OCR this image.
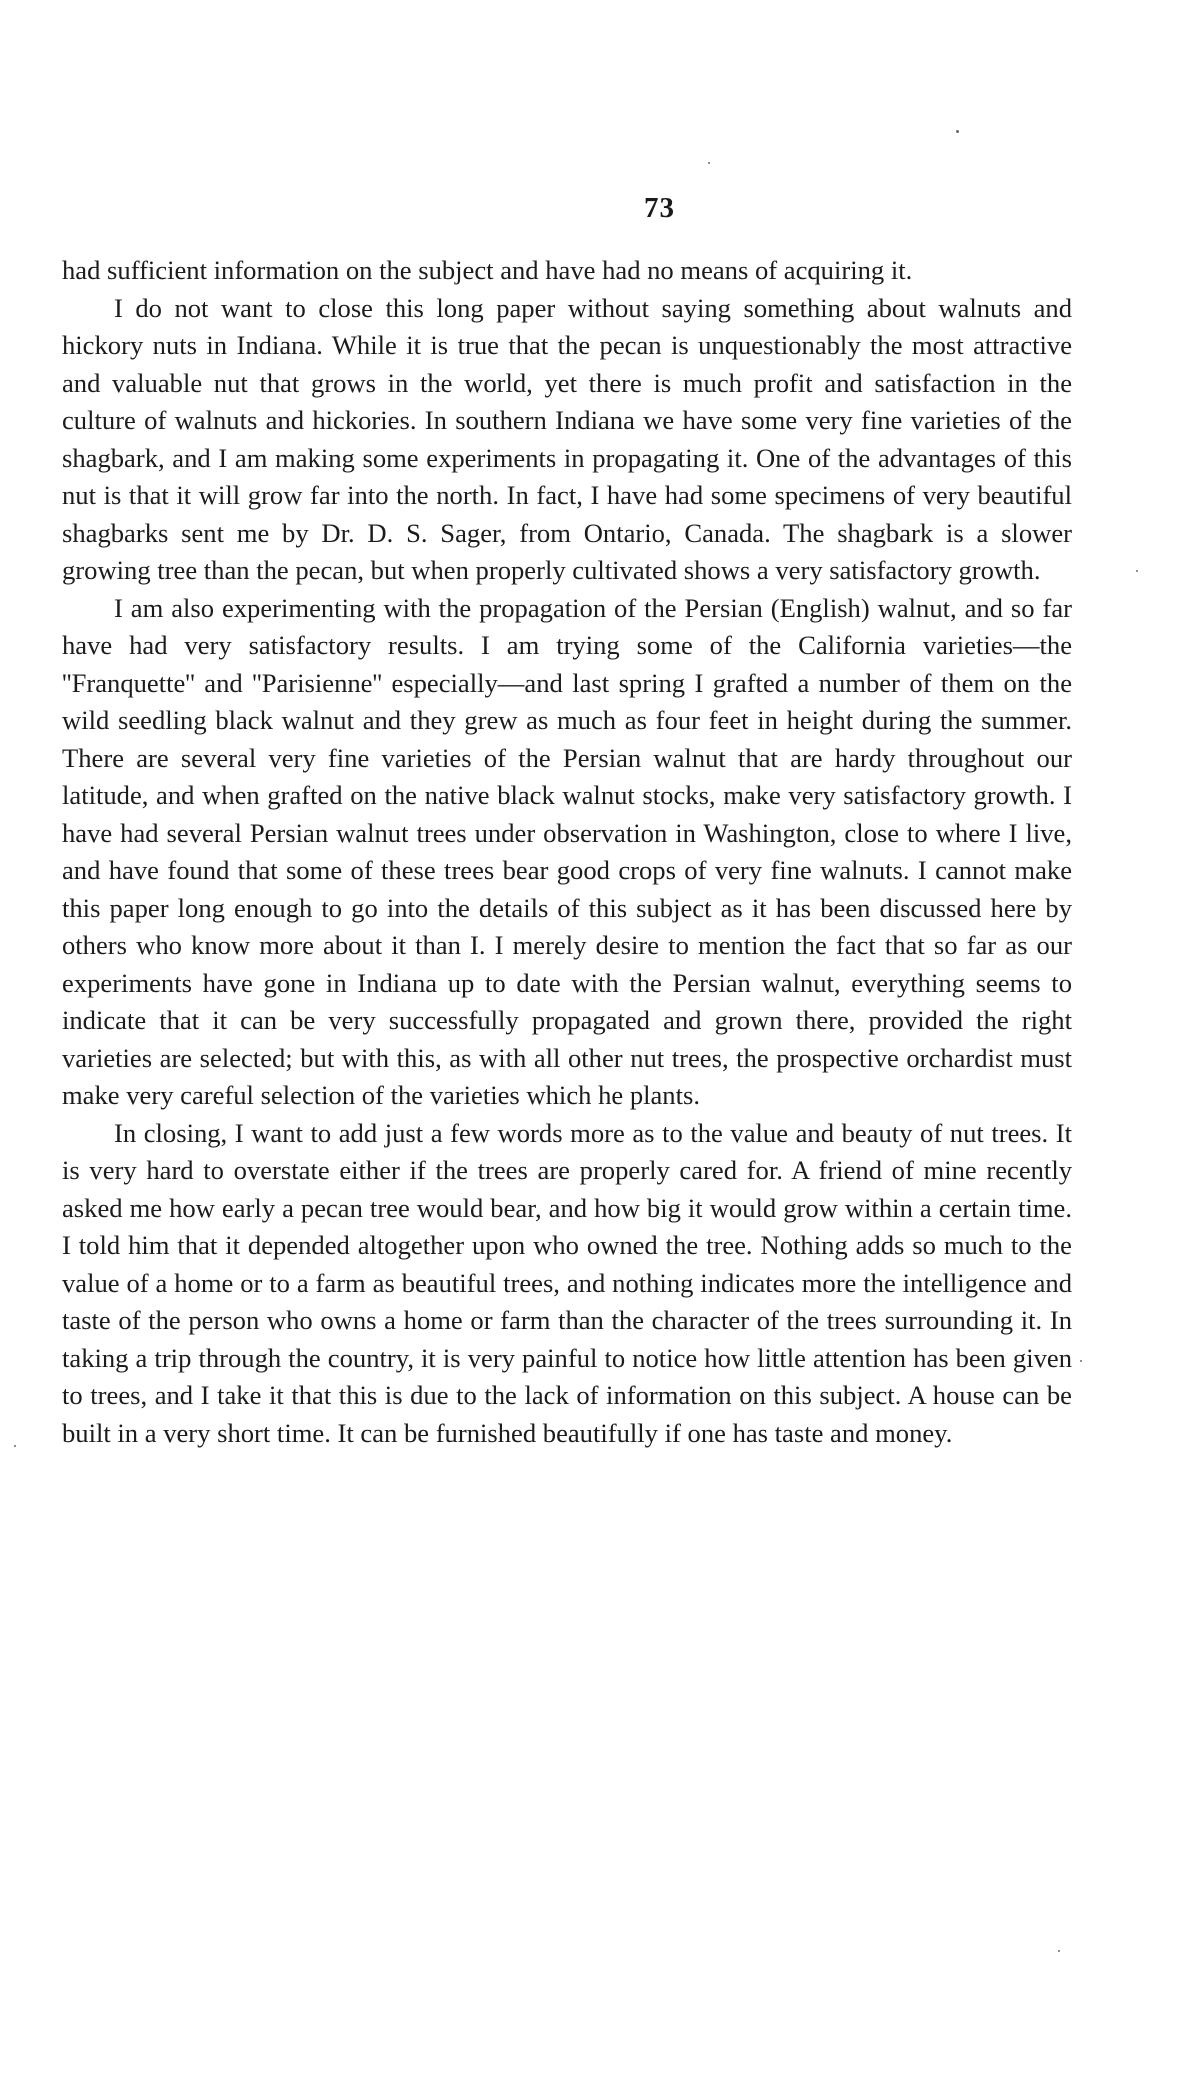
73

had sufficient information on the subject and have had no means of acquiring it.

I do not want to close this long paper without saying something about walnuts and hickory nuts in Indiana. While it is true that the pecan is unquestionably the most attractive and valuable nut that grows in the world, yet there is much profit and satisfaction in the culture of walnuts and hickories. In southern Indiana we have some very fine varieties of the shagbark, and I am making some experiments in propagating it. One of the advantages of this nut is that it will grow far into the north. In fact, I have had some specimens of very beautiful shagbarks sent me by Dr. D. S. Sager, from Ontario, Canada. The shagbark is a slower growing tree than the pecan, but when properly cultivated shows a very satisfactory growth.

I am also experimenting with the propagation of the Persian (English) walnut, and so far have had very satisfactory results. I am trying some of the California varieties—the ''Franquette'' and ''Parisienne'' especially—and last spring I grafted a number of them on the wild seedling black walnut and they grew as much as four feet in height during the summer. There are several very fine varieties of the Persian walnut that are hardy throughout our latitude, and when grafted on the native black walnut stocks, make very satisfactory growth. I have had several Persian walnut trees under observation in Washington, close to where I live, and have found that some of these trees bear good crops of very fine walnuts. I cannot make this paper long enough to go into the details of this subject as it has been discussed here by others who know more about it than I. I merely desire to mention the fact that so far as our experiments have gone in Indiana up to date with the Persian walnut, everything seems to indicate that it can be very successfully propagated and grown there, provided the right varieties are selected; but with this, as with all other nut trees, the prospective orchardist must make very careful selection of the varieties which he plants.

In closing, I want to add just a few words more as to the value and beauty of nut trees. It is very hard to overstate either if the trees are properly cared for. A friend of mine recently asked me how early a pecan tree would bear, and how big it would grow within a certain time. I told him that it depended altogether upon who owned the tree. Nothing adds so much to the value of a home or to a farm as beautiful trees, and nothing indicates more the intelligence and taste of the person who owns a home or farm than the character of the trees surrounding it. In taking a trip through the country, it is very painful to notice how little attention has been given to trees, and I take it that this is due to the lack of information on this subject. A house can be built in a very short time. It can be furnished beautifully if one has taste and money.
